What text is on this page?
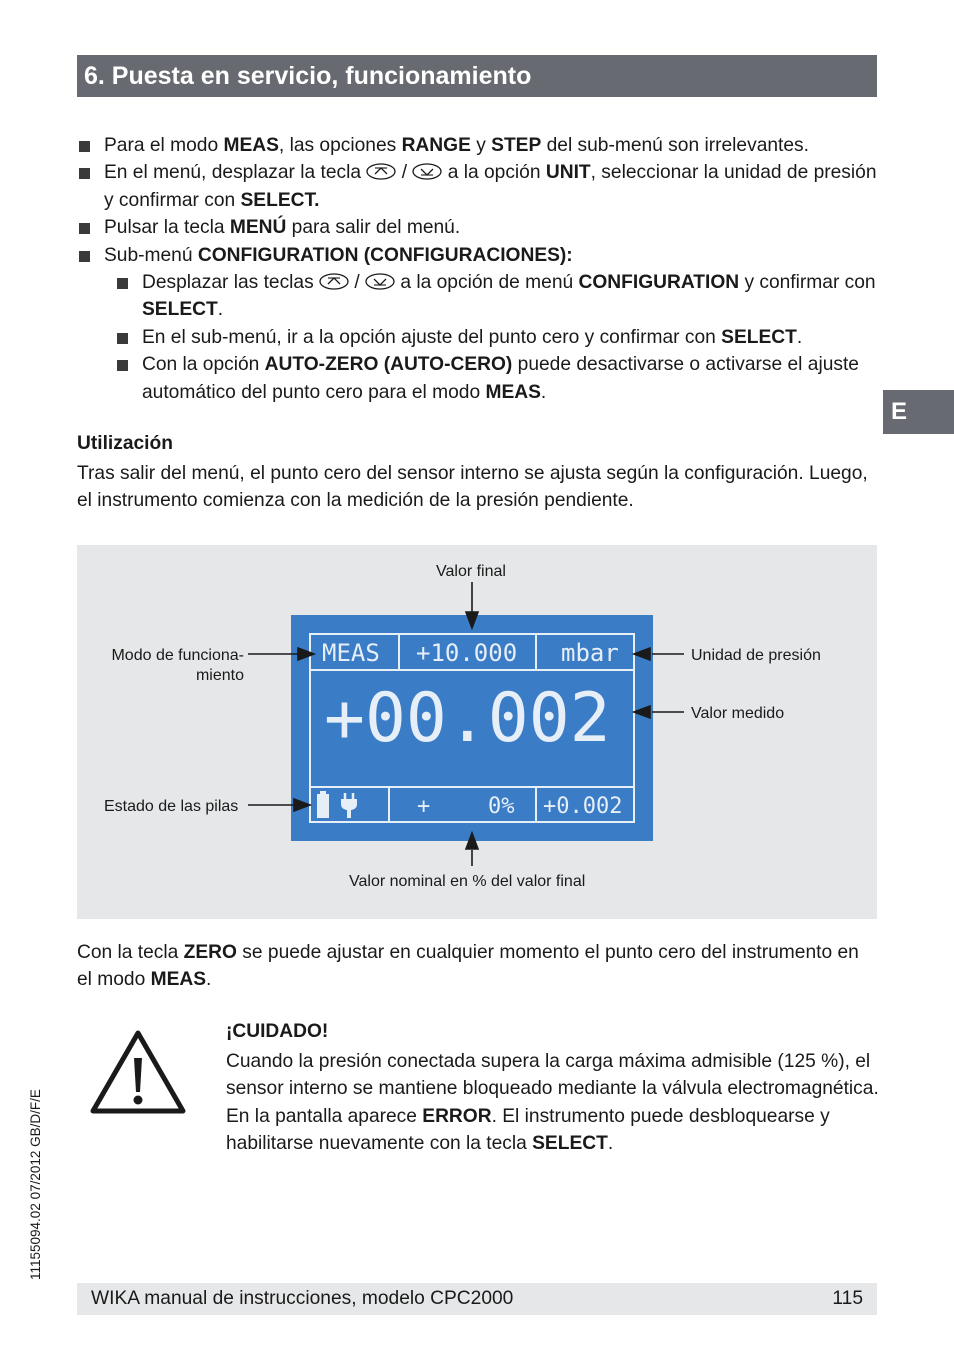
6. Puesta en servicio, funcionamiento
E
Para el modo MEAS, las opciones RANGE y STEP del sub-menú son irrelevantes.
En el menú, desplazar la tecla  /  a la opción UNIT, seleccionar la unidad de presión y confirmar con SELECT.
Pulsar la tecla MENÚ para salir del menú.
Sub-menú CONFIGURATION (CONFIGURACIONES):
Desplazar las teclas  /  a la opción de menú CONFIGURATION y confirmar con SELECT.
En el sub-menú, ir a la opción ajuste del punto cero y confirmar con SELECT.
Con la opción AUTO-ZERO (AUTO-CERO) puede desactivarse o activarse el ajuste automático del punto cero para el modo MEAS.
Utilización
Tras salir del menú, el punto cero del sensor interno se ajusta según la configuración. Luego, el instrumento comienza con la medición de la presión pendiente.
Valor final
Modo de funciona-
miento
Unidad de presión
Valor medido
Estado de las pilas
Valor nominal en % del valor final
MEAS +10.000 mbar
+00.002
+	0% +0.002
Con la tecla ZERO se puede ajustar en cualquier momento el punto cero del instrumento en el modo MEAS.
¡CUIDADO!
Cuando la presión conectada supera la carga máxima admisible (125 %), el sensor interno se mantiene bloqueado mediante la válvula electromagnética. En la pantalla aparece ERROR. El instrumento puede desbloquearse y habilitarse nuevamente con la tecla SELECT.
11155094.02 07/2012 GB/D/F/E
WIKA manual de instrucciones, modelo CPC2000	115
